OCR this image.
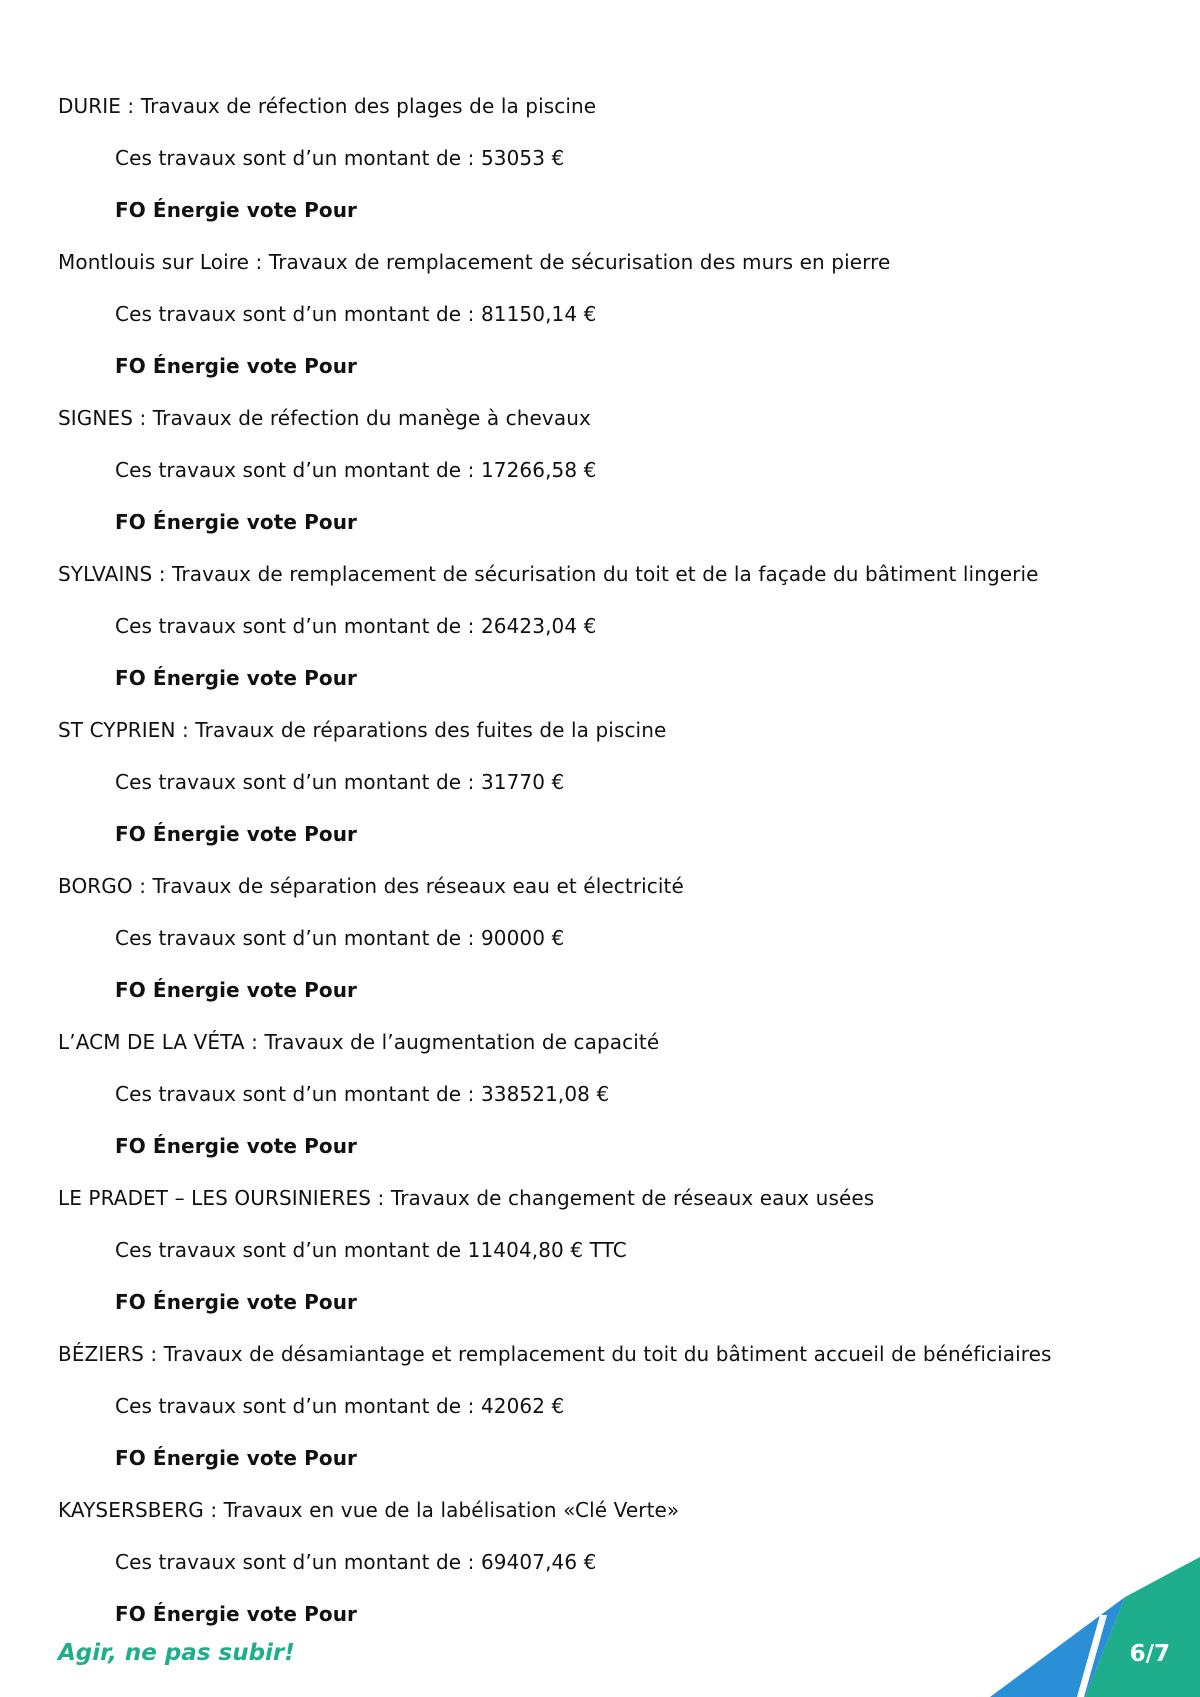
DURIE : Travaux de réfection des plages de la piscine
Ces travaux sont d’un montant de : 53053 €
FO Énergie vote Pour
Montlouis sur Loire : Travaux de remplacement de sécurisation des murs en pierre
Ces travaux sont d’un montant de : 81150,14 €
FO Énergie vote Pour
SIGNES : Travaux de réfection du manège à chevaux
Ces travaux sont d’un montant de : 17266,58 €
FO Énergie vote Pour
SYLVAINS : Travaux de remplacement de sécurisation du toit et de la façade du bâtiment lingerie
Ces travaux sont d’un montant de : 26423,04 €
FO Énergie vote Pour
ST CYPRIEN : Travaux de réparations des fuites de la piscine
Ces travaux sont d’un montant de : 31770 €
FO Énergie vote Pour
BORGO : Travaux de séparation des réseaux eau et électricité
Ces travaux sont d’un montant de : 90000 €
FO Énergie vote Pour
L’ACM DE LA VÉTA : Travaux de l’augmentation de capacité
Ces travaux sont d’un montant de : 338521,08 €
FO Énergie vote Pour
LE PRADET – LES OURSINIERES : Travaux de changement de réseaux eaux usées
Ces travaux sont d’un montant de 11404,80 € TTC
FO Énergie vote Pour
BÉZIERS : Travaux de désamiantage et remplacement du toit du bâtiment accueil de bénéficiaires
Ces travaux sont d’un montant de : 42062 €
FO Énergie vote Pour
KAYSERSBERG : Travaux en vue de la labélisation «Clé Verte»
Ces travaux sont d’un montant de : 69407,46 €
FO Énergie vote Pour
Agir, ne pas subir!	6/7
